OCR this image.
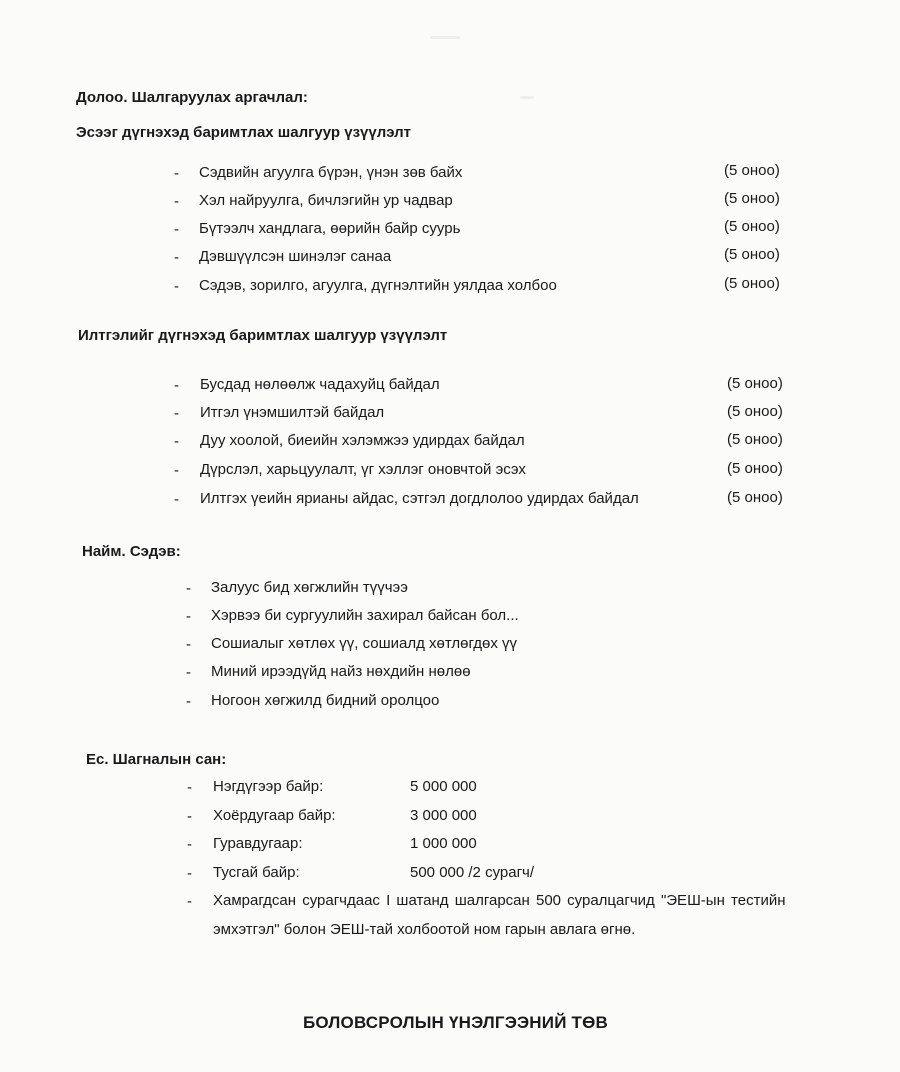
Долоо. Шалгаруулах аргачлал:
Эсээг дүгнэхэд баримтлах шалгуур үзүүлэлт
- Сэдвийн агуулга бүрэн, үнэн зөв байх	(5 оноо)
- Хэл найруулга, бичлэгийн ур чадвар	(5 оноо)
- Бүтээлч хандлага, өөрийн байр суурь	(5 оноо)
- Дэвшүүлсэн шинэлэг санаа	(5 оноо)
- Сэдэв, зорилго, агуулга, дүгнэлтийн уялдаа холбоо	(5 оноо)
Илтгэлийг дүгнэхэд баримтлах шалгуур үзүүлэлт
- Бусдад нөлөөлж чадахуйц байдал	(5 оноо)
- Итгэл үнэмшилтэй байдал	(5 оноо)
- Дуу хоолой, биеийн хэлэмжээ удирдах байдал	(5 оноо)
- Дүрслэл, харьцуулалт, үг хэллэг оновчтой эсэх	(5 оноо)
- Илтгэх үеийн ярианы айдас, сэтгэл догдлолоо удирдах байдал	(5 оноо)
Найм. Сэдэв:
- Залуус бид хөгжлийн түүчээ
- Хэрвээ би сургуулийн захирал байсан бол...
- Сошиалыг хөтлөх үү, сошиалд хөтлөгдөх үү
- Миний ирээдүйд найз нөхдийн нөлөө
- Ногоон хөгжилд бидний оролцоо
Ес. Шагналын сан:
- Нэгдүгээр байр:	5 000 000
- Хоёрдугаар байр:	3 000 000
- Гуравдугаар:	1 000 000
- Тусгай байр:	500 000 /2 сурагч/
- Хамрагдсан сурагчдаас I шатанд шалгарсан 500 суралцагчид "ЭЕШ-ын тестийн
эмхэтгэл" болон ЭЕШ-тай холбоотой ном гарын авлага өгнө.
БОЛОВСРОЛЫН ҮНЭЛГЭЭНИЙ ТӨВ
